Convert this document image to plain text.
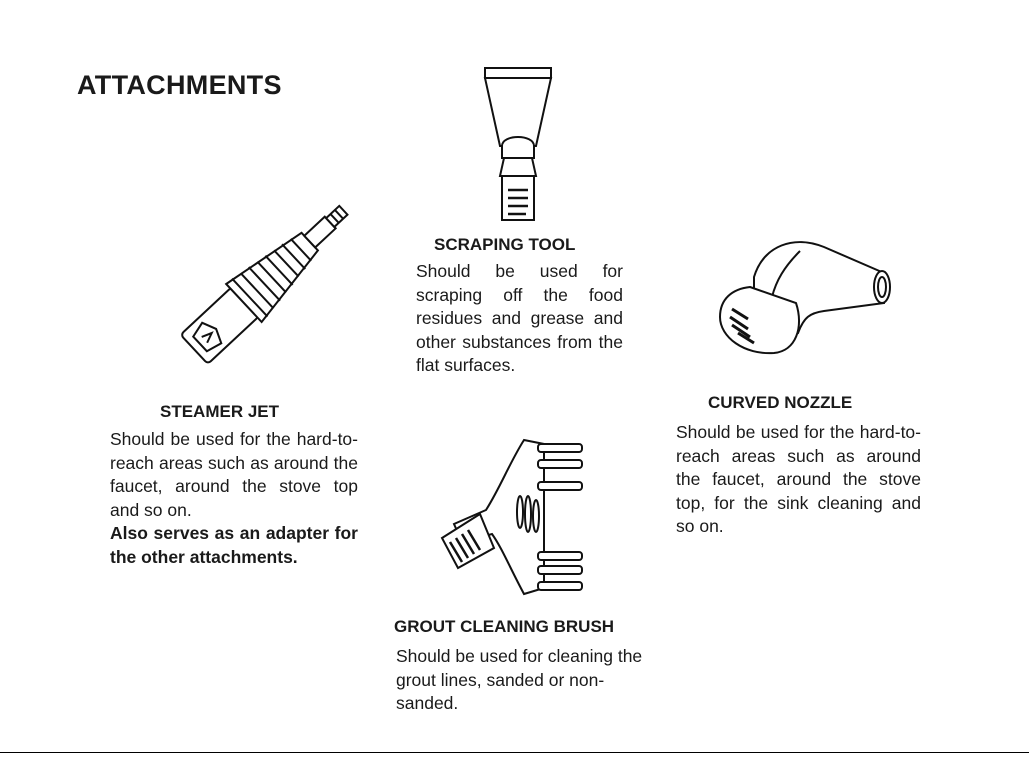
ATTACHMENTS
SCRAPING TOOL

Should be used for scraping off the food residues and grease and other substances from the flat surfaces.

STEAMER JET
Should be used for the hard-to-reach areas such as around the faucet, around the stove top and so on.
Also serves as an adapter for the other attachments.
CURVED NOZZLE

Should be used for the hard-to-reach areas such as around the faucet, around the stove top, for the sink cleaning and so on.

GROUT CLEANING BRUSH

Should be used for cleaning the grout lines, sanded or non-sanded.
